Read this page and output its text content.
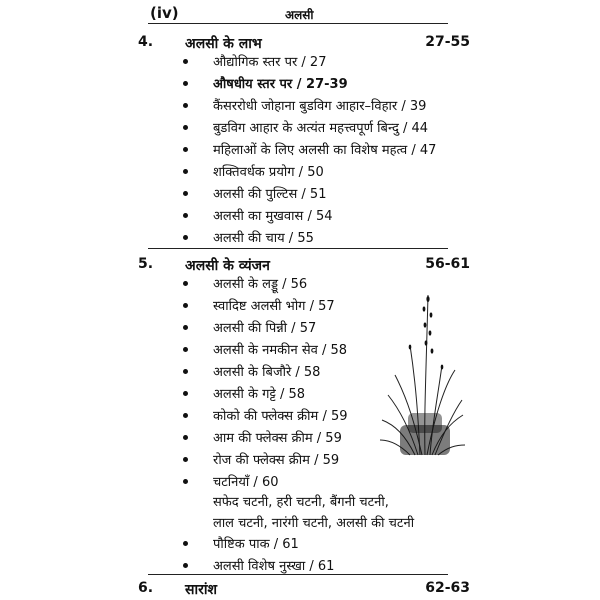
(iv)	अलसी
4. अलसी के लाभ	27-55
औद्योगिक स्तर पर / 27
औषधीय स्तर पर / 27-39
कैंसररोधी जोहाना बुडविग आहार–विहार / 39
बुडविग आहार के अत्यंत महत्त्वपूर्ण बिन्दु / 44
महिलाओं के लिए अलसी का विशेष महत्व / 47
शक्तिवर्धक प्रयोग / 50
अलसी की पुल्टिस / 51
अलसी का मुखवास / 54
अलसी की चाय / 55
5. अलसी के व्यंजन	56-61
अलसी के लड्डू / 56
स्वादिष्ट अलसी भोग / 57
अलसी की पिन्नी / 57
अलसी के नमकीन सेव / 58
अलसी के बिजौरे / 58
अलसी के गट्टे / 58
कोको की फ्लेक्स क्रीम / 59
आम की फ्लेक्स क्रीम / 59
रोज की फ्लेक्स क्रीम / 59
चटनियाँ / 60
सफेद चटनी, हरी चटनी, बैंगनी चटनी,
लाल चटनी, नारंगी चटनी, अलसी की चटनी
पौष्टिक पाक / 61
अलसी विशेष नुस्खा / 61
6. सारांश	62-63
